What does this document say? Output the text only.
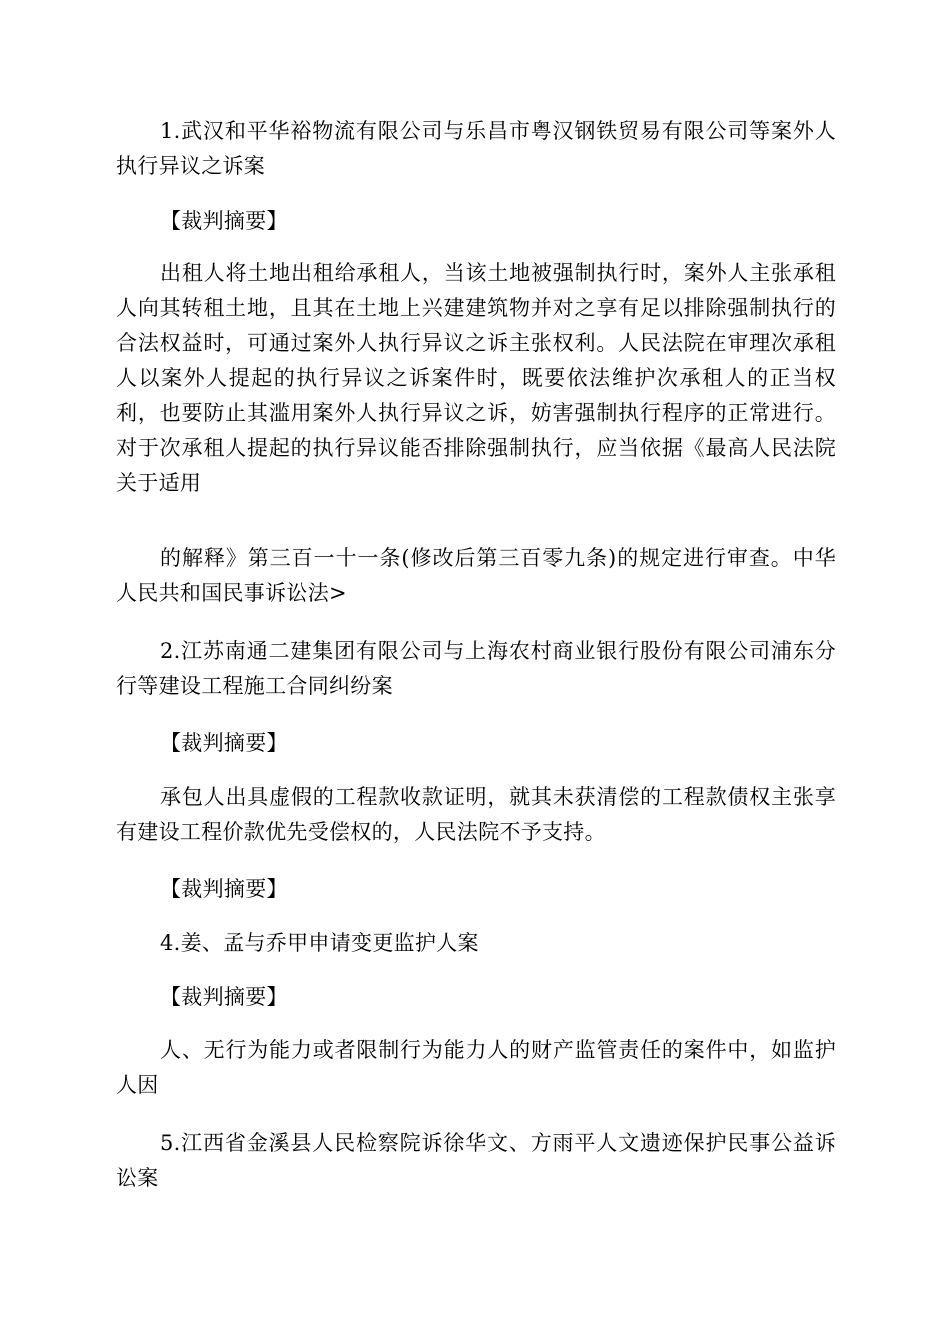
1.武汉和平华裕物流有限公司与乐昌市粤汉钢铁贸易有限公司等案外人执行异议之诉案

【裁判摘要】

出租人将土地出租给承租人，当该土地被强制执行时，案外人主张承租人向其转租土地，且其在土地上兴建建筑物并对之享有足以排除强制执行的合法权益时，可通过案外人执行异议之诉主张权利。人民法院在审理次承租人以案外人提起的执行异议之诉案件时，既要依法维护次承租人的正当权利，也要防止其滥用案外人执行异议之诉，妨害强制执行程序的正常进行。对于次承租人提起的执行异议能否排除强制执行，应当依据《最高人民法院关于适用

的解释》第三百一十一条(修改后第三百零九条)的规定进行审查。中华人民共和国民事诉讼法>

2.江苏南通二建集团有限公司与上海农村商业银行股份有限公司浦东分行等建设工程施工合同纠纷案

【裁判摘要】

承包人出具虚假的工程款收款证明，就其未获清偿的工程款债权主张享有建设工程价款优先受偿权的，人民法院不予支持。

【裁判摘要】

4.姜、孟与乔甲申请变更监护人案

【裁判摘要】

人、无行为能力或者限制行为能力人的财产监管责任的案件中，如监护人因

5.江西省金溪县人民检察院诉徐华文、方雨平人文遗迹保护民事公益诉讼案
